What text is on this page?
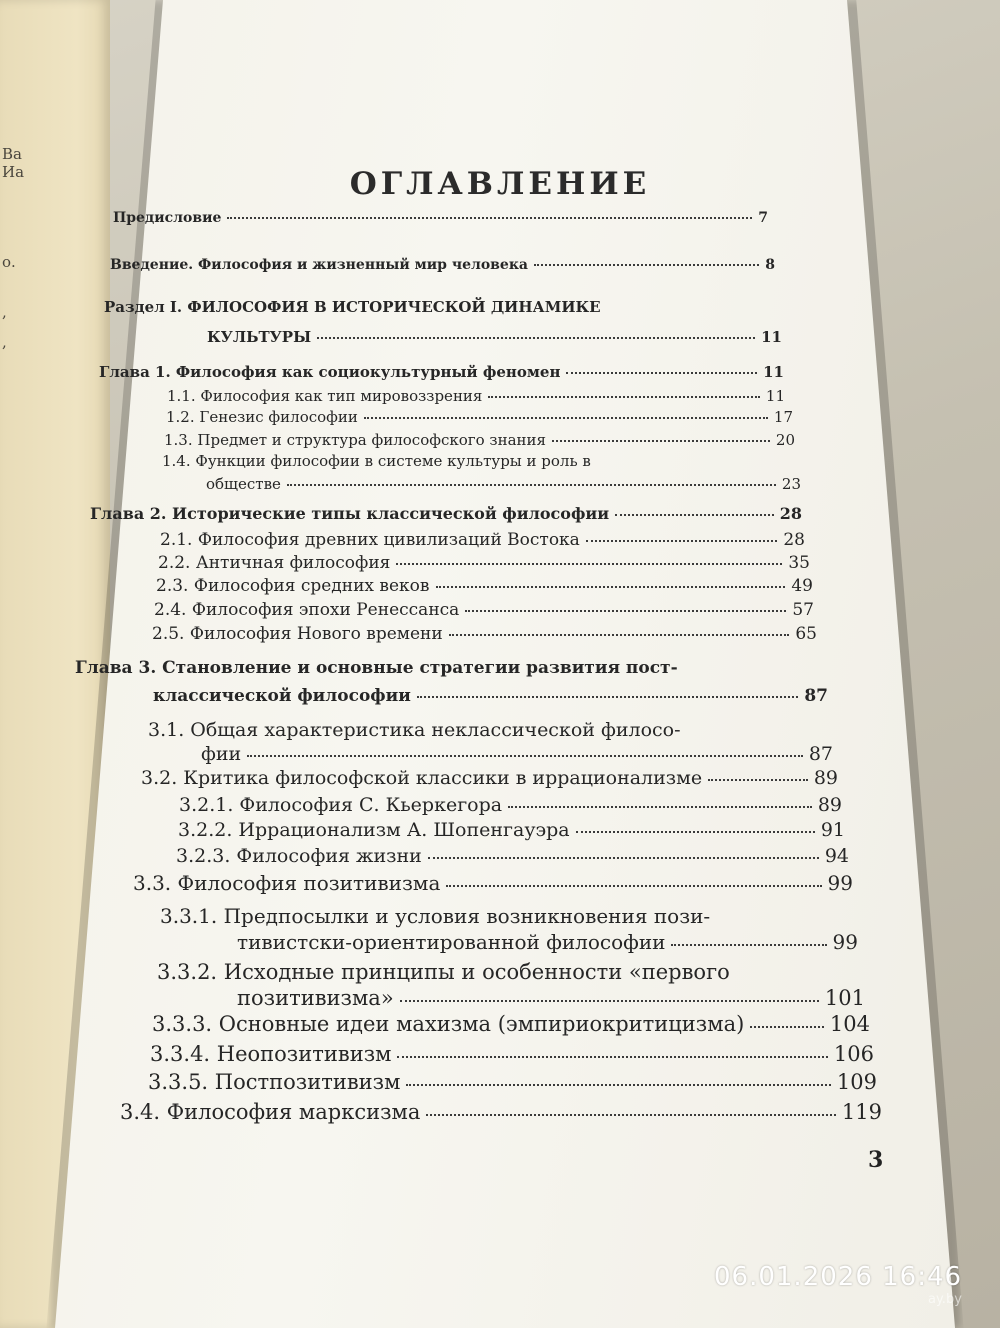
Ва
Иа
о.
,
,
ОГЛАВЛЕНИЕ
Предисловие	7
Введение. Философия и жизненный мир человека	8
Раздел I. ФИЛОСОФИЯ В ИСТОРИЧЕСКОЙ ДИНАМИКЕ
КУЛЬТУРЫ	11
Глава 1. Философия как социокультурный феномен	11
1.1. Философия как тип мировоззрения	11
1.2. Генезис философии	17
1.3. Предмет и структура философского знания	20
1.4. Функции философии в системе культуры и роль в
обществе	23
Глава 2. Исторические типы классической философии	28
2.1. Философия древних цивилизаций Востока	28
2.2. Античная философия	35
2.3. Философия средних веков	49
2.4. Философия эпохи Ренессанса	57
2.5. Философия Нового времени	65
Глава 3. Становление и основные стратегии развития пост-
классической философии	87
3.1. Общая характеристика неклассической филосо-
фии	87
3.2. Критика философской классики в иррационализме	89
3.2.1. Философия С. Кьеркегора	89
3.2.2. Иррационализм А. Шопенгауэра	91
3.2.3. Философия жизни	94
3.3. Философия позитивизма	99
3.3.1. Предпосылки и условия возникновения пози-
тивистски-ориентированной философии	99
3.3.2. Исходные принципы и особенности «первого
позитивизма»	101
3.3.3. Основные идеи махизма (эмпириокритицизма)	104
3.3.4. Неопозитивизм	106
3.3.5. Постпозитивизм	109
3.4. Философия марксизма	119
3
06.01.2026 16:46
ay.by
